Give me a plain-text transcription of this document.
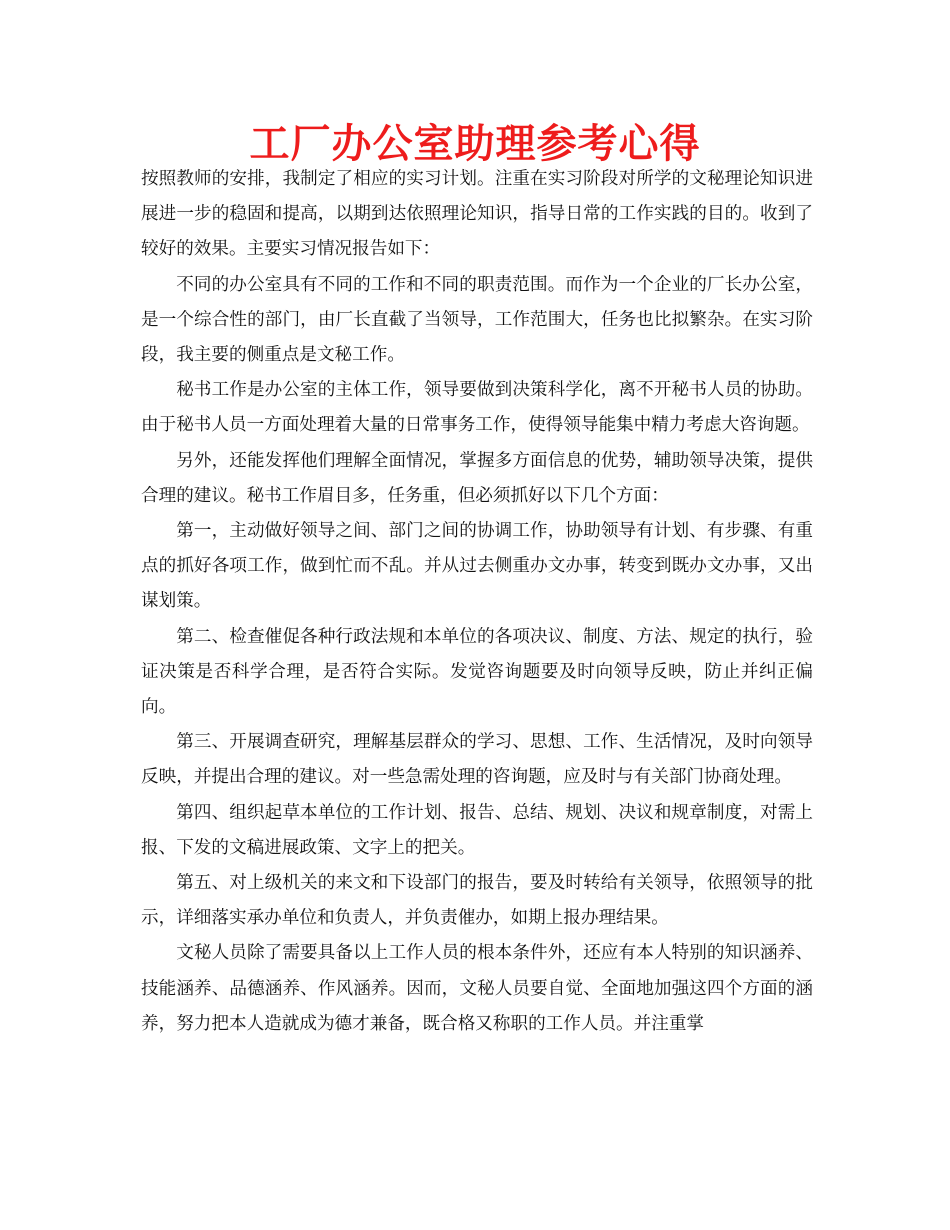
工厂办公室助理参考心得

按照教师的安排，我制定了相应的实习计划。注重在实习阶段对所学的文秘理论知识进展进一步的稳固和提高，以期到达依照理论知识，指导日常的工作实践的目的。收到了较好的效果。主要实习情况报告如下：

不同的办公室具有不同的工作和不同的职责范围。而作为一个企业的厂长办公室，是一个综合性的部门，由厂长直截了当领导，工作范围大，任务也比拟繁杂。在实习阶段，我主要的侧重点是文秘工作。

秘书工作是办公室的主体工作，领导要做到决策科学化，离不开秘书人员的协助。由于秘书人员一方面处理着大量的日常事务工作，使得领导能集中精力考虑大咨询题。

另外，还能发挥他们理解全面情况，掌握多方面信息的优势，辅助领导决策，提供合理的建议。秘书工作眉目多，任务重，但必须抓好以下几个方面：

第一，主动做好领导之间、部门之间的协调工作，协助领导有计划、有步骤、有重点的抓好各项工作，做到忙而不乱。并从过去侧重办文办事，转变到既办文办事，又出谋划策。

第二、检查催促各种行政法规和本单位的各项决议、制度、方法、规定的执行，验证决策是否科学合理，是否符合实际。发觉咨询题要及时向领导反映，防止并纠正偏向。

第三、开展调查研究，理解基层群众的学习、思想、工作、生活情况，及时向领导反映，并提出合理的建议。对一些急需处理的咨询题，应及时与有关部门协商处理。

第四、组织起草本单位的工作计划、报告、总结、规划、决议和规章制度，对需上报、下发的文稿进展政策、文字上的把关。

第五、对上级机关的来文和下设部门的报告，要及时转给有关领导，依照领导的批示，详细落实承办单位和负责人，并负责催办，如期上报办理结果。

文秘人员除了需要具备以上工作人员的根本条件外，还应有本人特别的知识涵养、技能涵养、品德涵养、作风涵养。因而，文秘人员要自觉、全面地加强这四个方面的涵养，努力把本人造就成为德才兼备，既合格又称职的工作人员。并注重掌
